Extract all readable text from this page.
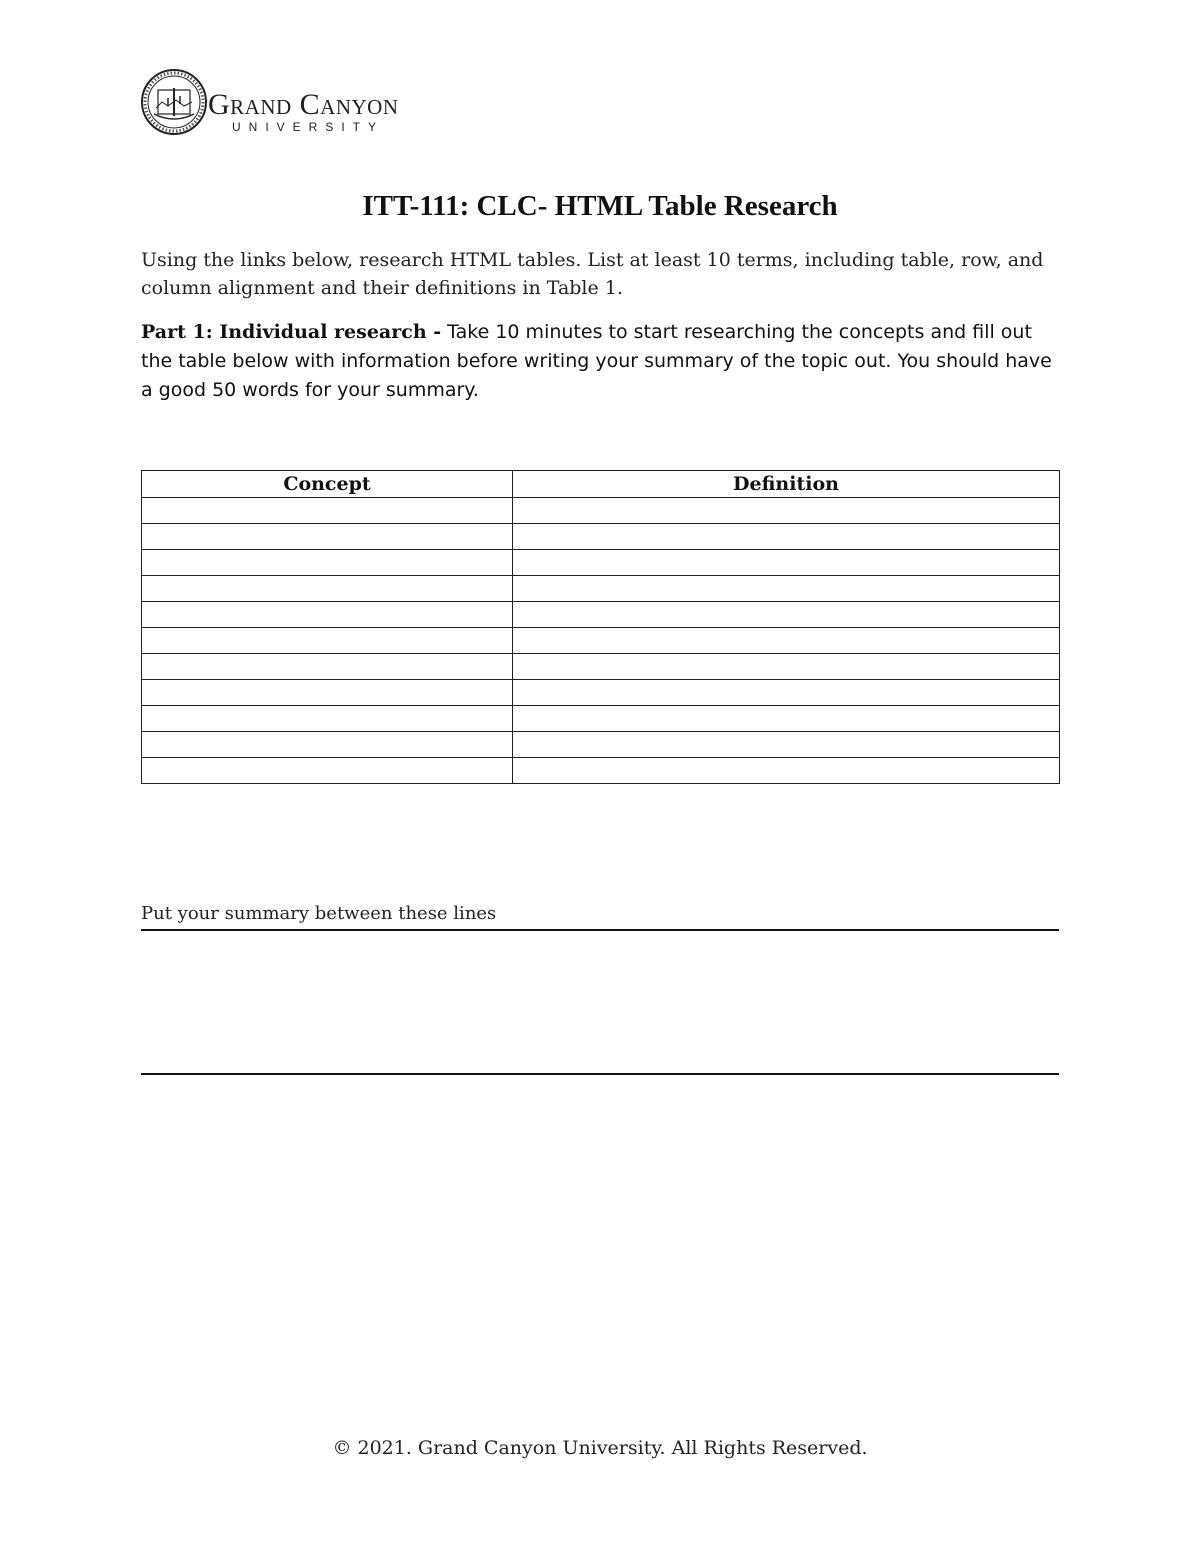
Grand Canyon
UNIVERSITY
ITT-111: CLC- HTML Table Research

Using the links below, research HTML tables. List at least 10 terms, including table, row, and column alignment and their definitions in Table 1.

Part 1: Individual research - Take 10 minutes to start researching the concepts and fill out the table below with information before writing your summary of the topic out. You should have a good 50 words for your summary.

Concept	Definition

Put your summary between these lines
© 2021. Grand Canyon University. All Rights Reserved.
